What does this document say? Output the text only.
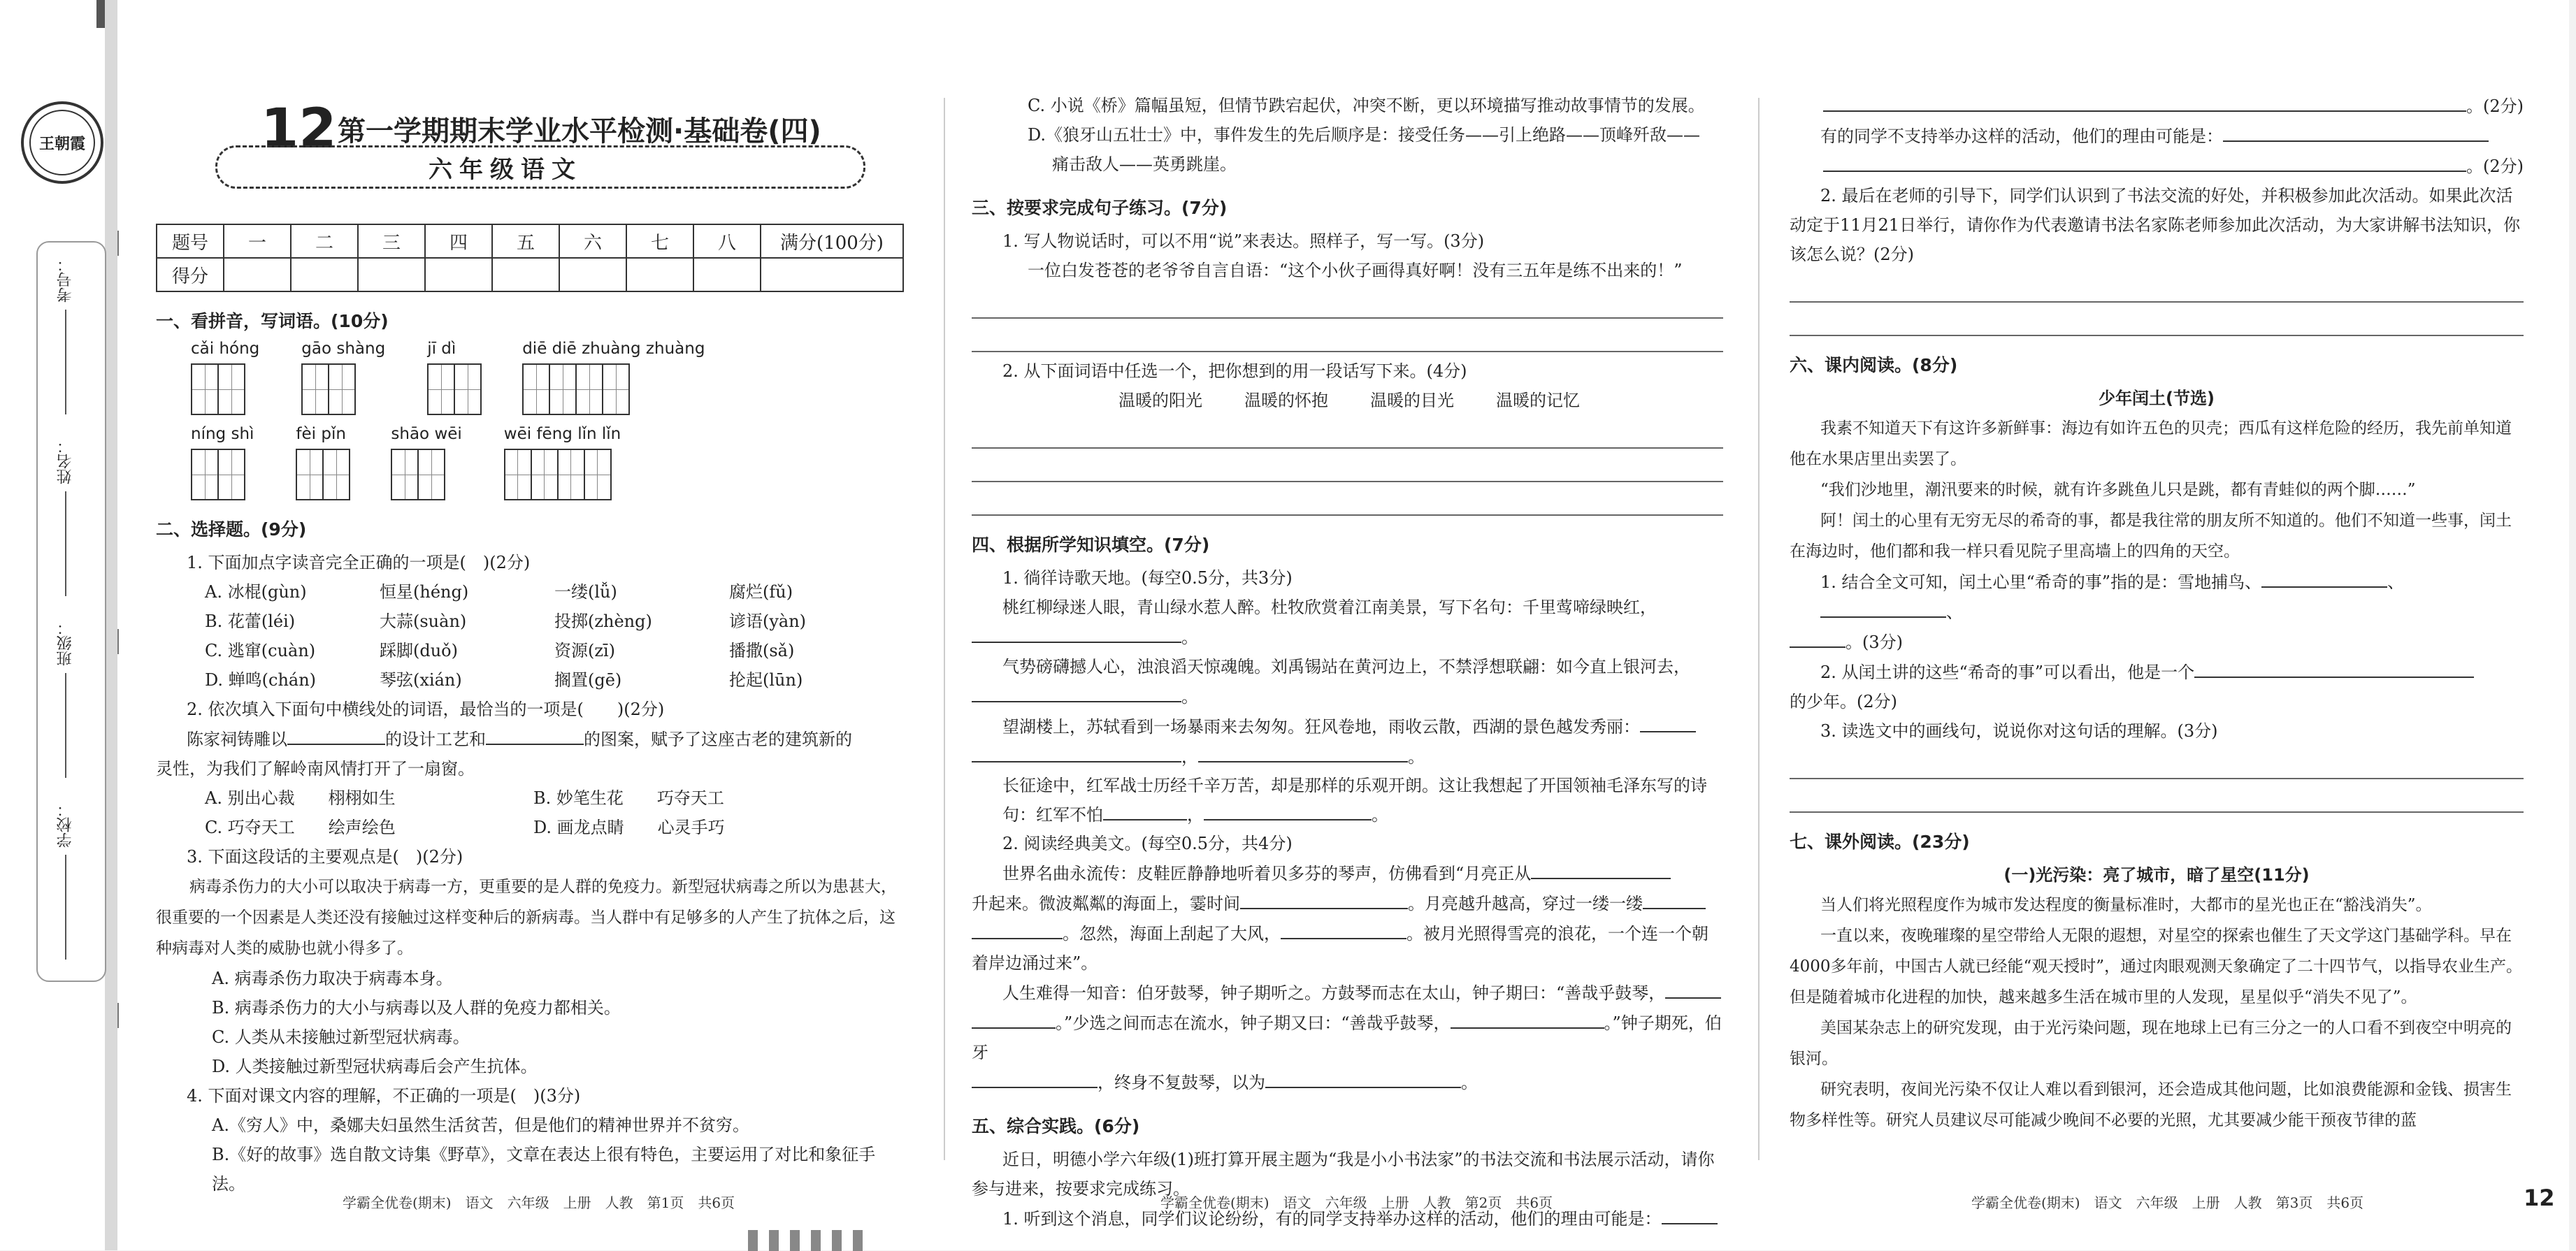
王朝霞
考号：
姓名：
班级：
学校：
12 第一学期期末学业水平检测·基础卷(四)
六年级语文
题号	一	二	三	四	五	六	七	八	满分(100分)
得分									
一、看拼音，写词语。(10分)
cǎi hóng	gāo shàng	jī dì	diē diē zhuàng zhuàng
níng shì	fèi pǐn	shāo wēi	wēi fēng lǐn lǐn
二、选择题。(9分)

1. 下面加点字读音完全正确的一项是(　)(2分)

A. 冰棍(gùn)	恒星(héng)	一缕(lǚ)	腐烂(fǔ)
B. 花蕾(léi)	大蒜(suàn)	投掷(zhèng)	谚语(yàn)
C. 逃窜(cuàn)	踩脚(duǒ)	资源(zī)	播撒(sǎ)
D. 蝉鸣(chán)	琴弦(xián)	搁置(gē)	抡起(lūn)

2. 依次填入下面句中横线处的词语，最恰当的一项是(　　)(2分)

陈家祠铸雕以	的设计工艺和	的图案，赋予了这座古老的建筑新的

灵性，为我们了解岭南风情打开了一扇窗。

A. 别出心裁　　栩栩如生	B. 妙笔生花　　巧夺天工
C. 巧夺天工　　绘声绘色	D. 画龙点睛　　心灵手巧

3. 下面这段话的主要观点是(　)(2分)

病毒杀伤力的大小可以取决于病毒一方，更重要的是人群的免疫力。新型冠状病毒之所以为患甚大，很重要的一个因素是人类还没有接触过这样变种后的新病毒。当人群中有足够多的人产生了抗体之后，这种病毒对人类的威胁也就小得多了。

A. 病毒杀伤力取决于病毒本身。

B. 病毒杀伤力的大小与病毒以及人群的免疫力都相关。

C. 人类从未接触过新型冠状病毒。

D. 人类接触过新型冠状病毒后会产生抗体。

4. 下面对课文内容的理解，不正确的一项是(　)(3分)

A.《穷人》中，桑娜夫妇虽然生活贫苦，但是他们的精神世界并不贫穷。

B.《好的故事》选自散文诗集《野草》，文章在表达上很有特色，主要运用了对比和象征手法。

C. 小说《桥》篇幅虽短，但情节跌宕起伏，冲突不断，更以环境描写推动故事情节的发展。

D.《狼牙山五壮士》中，事件发生的先后顺序是：接受任务——引上绝路——顶峰歼敌——

痛击敌人——英勇跳崖。

三、按要求完成句子练习。(7分)

1. 写人物说话时，可以不用“说”来表达。照样子，写一写。(3分)

一位白发苍苍的老爷爷自言自语：“这个小伙子画得真好啊！没有三五年是练不出来的！”

2. 从下面词语中任选一个，把你想到的用一段话写下来。(4分)

温暖的阳光	温暖的怀抱	温暖的目光	温暖的记忆
四、根据所学知识填空。(7分)

1. 徜徉诗歌天地。(每空0.5分，共3分)

桃红柳绿迷人眼，青山绿水惹人醉。杜牧欣赏着江南美景，写下名句：千里莺啼绿映红，

。

气势磅礴撼人心，浊浪滔天惊魂魄。刘禹锡站在黄河边上，不禁浮想联翩：如今直上银河去，

。

望湖楼上，苏轼看到一场暴雨来去匆匆。狂风卷地，雨收云散，西湖的景色越发秀丽：

，	。

长征途中，红军战士历经千辛万苦，却是那样的乐观开朗。这让我想起了开国领袖毛泽东写的诗句：红军不怕	，	。

2. 阅读经典美文。(每空0.5分，共4分)

世界名曲永流传：皮鞋匠静静地听着贝多芬的琴声，仿佛看到“月亮正从

升起来。微波粼粼的海面上，霎时间	。月亮越升越高，穿过一缕一缕

。忽然，海面上刮起了大风，	。被月光照得雪亮的浪花，一个连一个朝着岸边涌过来”。

人生难得一知音：伯牙鼓琴，钟子期听之。方鼓琴而志在太山，钟子期曰：“善哉乎鼓琴，

。”少选之间而志在流水，钟子期又曰：“善哉乎鼓琴，	。”钟子期死，伯牙

，终身不复鼓琴，以为	。

五、综合实践。(6分)

近日，明德小学六年级(1)班打算开展主题为“我是小小书法家”的书法交流和书法展示活动，请你参与进来，按要求完成练习。

1. 听到这个消息，同学们议论纷纷，有的同学支持举办这样的活动，他们的理由可能是：

。(2分)

有的同学不支持举办这样的活动，他们的理由可能是：

。(2分)

2. 最后在老师的引导下，同学们认识到了书法交流的好处，并积极参加此次活动。如果此次活动定于11月21日举行，请你作为代表邀请书法名家陈老师参加此次活动，为大家讲解书法知识，你该怎么说？(2分)

六、课内阅读。(8分)

少年闰土(节选)

我素不知道天下有这许多新鲜事：海边有如许五色的贝壳；西瓜有这样危险的经历，我先前单知道他在水果店里出卖罢了。

“我们沙地里，潮汛要来的时候，就有许多跳鱼儿只是跳，都有青蛙似的两个脚……”

阿！闰土的心里有无穷无尽的希奇的事，都是我往常的朋友所不知道的。他们不知道一些事，闰土在海边时，他们都和我一样只看见院子里高墙上的四角的天空。

1. 结合全文可知，闰土心里“希奇的事”指的是：雪地捕鸟、	、、

。(3分)

2. 从闰土讲的这些“希奇的事”可以看出，他是一个

的少年。(2分)

3. 读选文中的画线句，说说你对这句话的理解。(3分)

七、课外阅读。(23分)

(一)光污染：亮了城市，暗了星空(11分)

当人们将光照程度作为城市发达程度的衡量标准时，大都市的星光也正在“豁浅消失”。

一直以来，夜晚璀璨的星空带给人无限的遐想，对星空的探索也催生了天文学这门基础学科。早在4000多年前，中国古人就已经能“观天授时”，通过肉眼观测天象确定了二十四节气，以指导农业生产。但是随着城市化进程的加快，越来越多生活在城市里的人发现，星星似乎“消失不见了”。

美国某杂志上的研究发现，由于光污染问题，现在地球上已有三分之一的人口看不到夜空中明亮的银河。

研究表明，夜间光污染不仅让人难以看到银河，还会造成其他问题，比如浪费能源和金钱、损害生物多样性等。研究人员建议尽可能减少晚间不必要的光照，尤其要减少能干预夜节律的蓝

学霸全优卷(期末)　语文　六年级　上册　人教　第1页　共6页	学霸全优卷(期末)　语文　六年级　上册　人教　第2页　共6页	学霸全优卷(期末)　语文　六年级　上册　人教　第3页　共6页	12
